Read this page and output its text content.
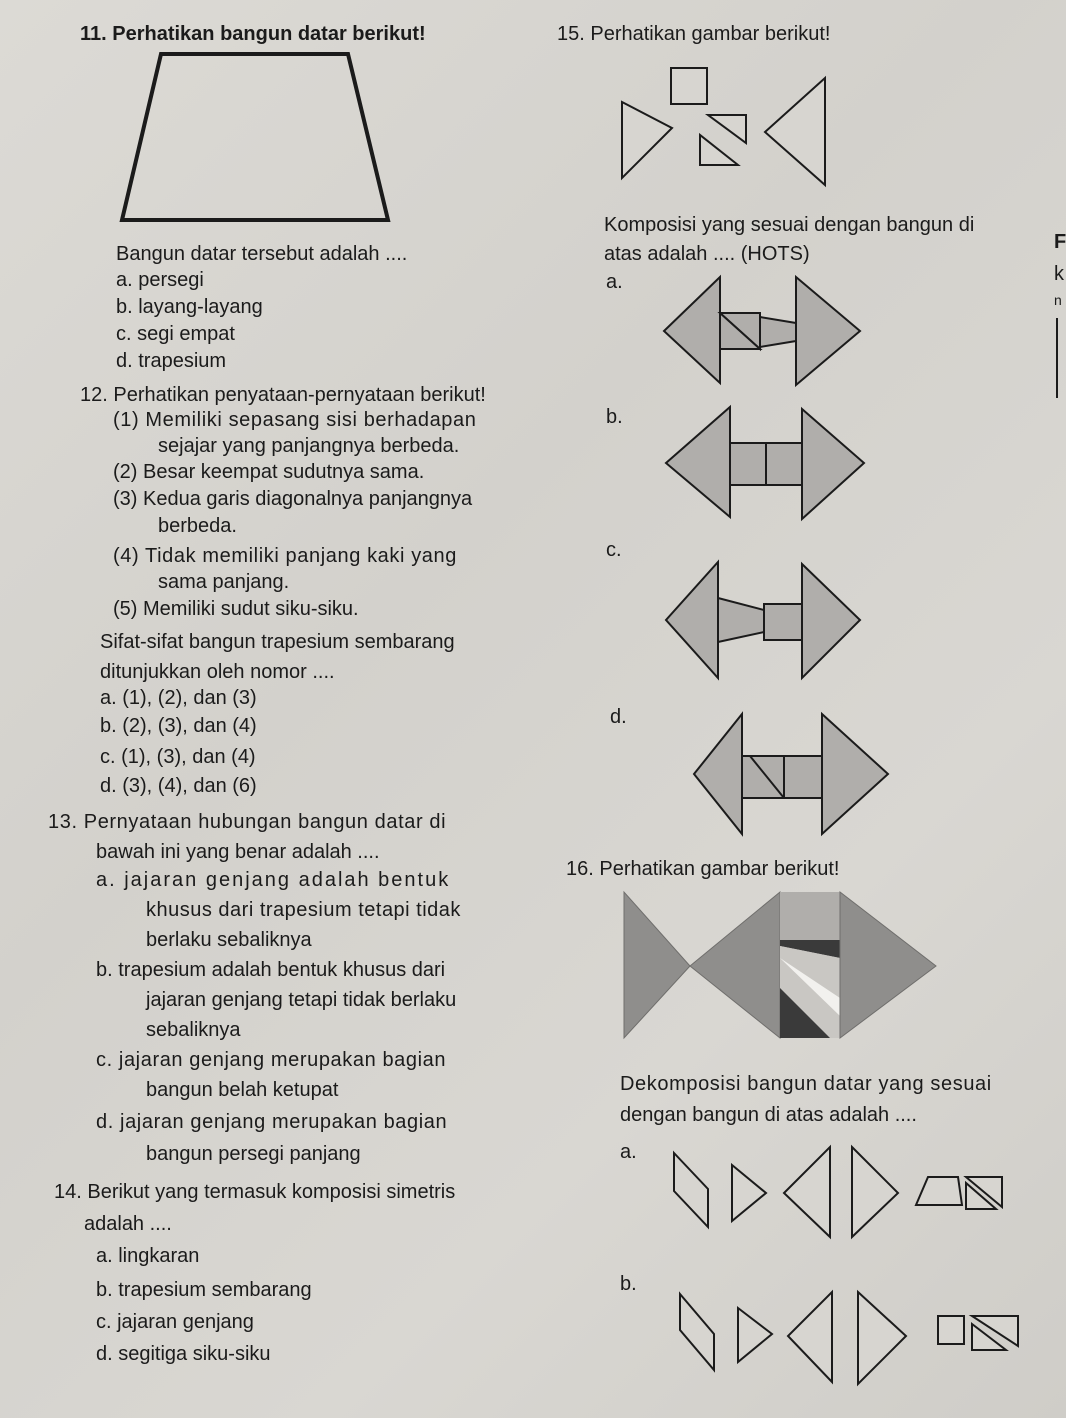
11. Perhatikan bangun datar berikut!
Bangun datar tersebut adalah ....
a. persegi
b. layang-layang
c. segi empat
d. trapesium
12. Perhatikan penyataan-pernyataan berikut!
(1) Memiliki sepasang sisi berhadapan
sejajar yang panjangnya berbeda.
(2) Besar keempat sudutnya sama.
(3) Kedua garis diagonalnya panjangnya
berbeda.
(4) Tidak memiliki panjang kaki yang
sama panjang.
(5) Memiliki sudut siku-siku.
Sifat-sifat bangun trapesium sembarang
ditunjukkan oleh nomor ....
a. (1), (2), dan (3)
b. (2), (3), dan (4)
c. (1), (3), dan (4)
d. (3), (4), dan (6)
13. Pernyataan hubungan bangun datar di
bawah ini yang benar adalah ....
a. jajaran genjang adalah bentuk
khusus dari trapesium tetapi tidak
berlaku sebaliknya
b. trapesium adalah bentuk khusus dari
jajaran genjang tetapi tidak berlaku
sebaliknya
c. jajaran genjang merupakan bagian
bangun belah ketupat
d. jajaran genjang merupakan bagian
bangun persegi panjang
14. Berikut yang termasuk komposisi simetris
adalah ....
a. lingkaran
b. trapesium sembarang
c. jajaran genjang
d. segitiga siku-siku
15. Perhatikan gambar berikut!
Komposisi yang sesuai dengan bangun di
atas adalah .... (HOTS)
a.
b.
c.
d.
16. Perhatikan gambar berikut!
Dekomposisi bangun datar yang sesuai
dengan bangun di atas adalah ....
a.
b.
F
k
n
